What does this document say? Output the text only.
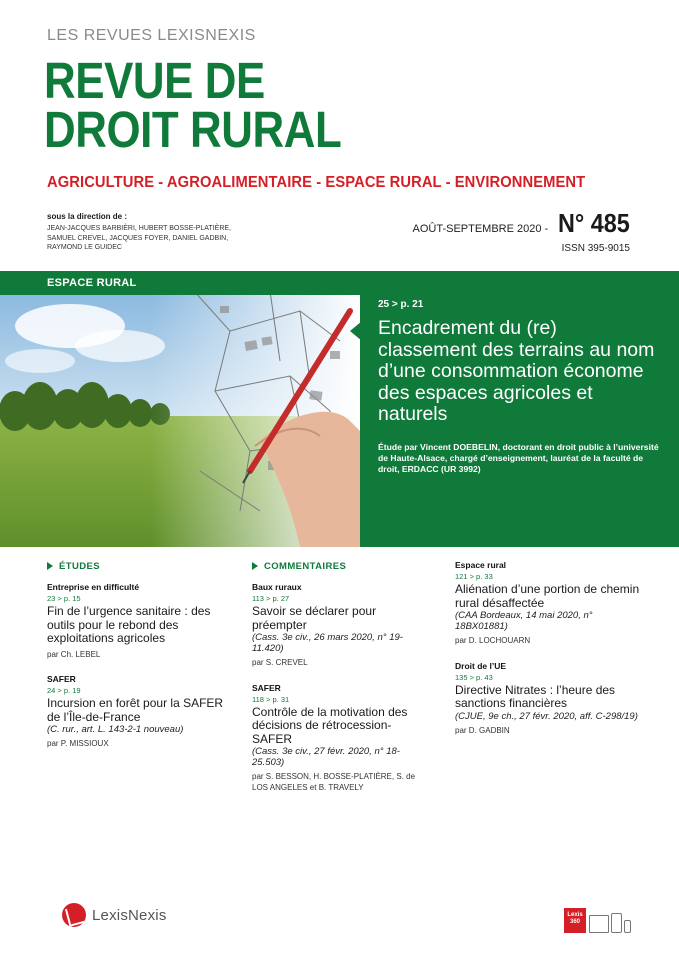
LES REVUES LEXISNEXIS
REVUE DE
DROIT RURAL
AGRICULTURE - AGROALIMENTAIRE - ESPACE RURAL - ENVIRONNEMENT
sous la direction de :
JEAN-JACQUES BARBIÈRI, HUBERT BOSSE-PLATIÈRE, SAMUEL CREVEL, JACQUES FOYER, DANIEL GADBIN, RAYMOND LE GUIDEC
AOÛT-SEPTEMBRE 2020 - N° 485
ISSN 395-9015
ESPACE RURAL
25 > p. 21
Encadrement du (re) classement des terrains au nom d’une consommation économe des espaces agricoles et naturels
Étude par Vincent DOEBELIN, doctorant en droit public à l’université de Haute-Alsace, chargé d’enseignement, lauréat de la faculté de droit, ERDACC (UR 3992)
ÉTUDES
Entreprise en difficulté
23 > p. 15
Fin de l’urgence sanitaire : des outils pour le rebond des exploitations agricoles
par Ch. LEBEL
SAFER
24 > p. 19
Incursion en forêt pour la SAFER de l’Île-de-France
(C. rur., art. L. 143-2-1 nouveau)
par P. MISSIOUX
COMMENTAIRES
Baux ruraux
113 > p. 27
Savoir se déclarer pour préempter
(Cass. 3e civ., 26 mars 2020, n° 19-11.420)
par S. CREVEL
SAFER
118 > p. 31
Contrôle de la motivation des décisions de rétrocession- SAFER
(Cass. 3e civ., 27 févr. 2020, n° 18-25.503)
par S. BESSON, H. BOSSE-PLATIÈRE, S. de LOS ANGELES et B. TRAVELY
Espace rural
121 > p. 33
Aliénation d’une portion de chemin rural désaffectée
(CAA Bordeaux, 14 mai 2020, n° 18BX01881)
par D. LOCHOUARN
Droit de l’UE
135 > p. 43
Directive Nitrates : l’heure des sanctions financières
(CJUE, 9e ch., 27 févr. 2020, aff. C-298/19)
par D. GADBIN
LexisNexis	Lexis 360
